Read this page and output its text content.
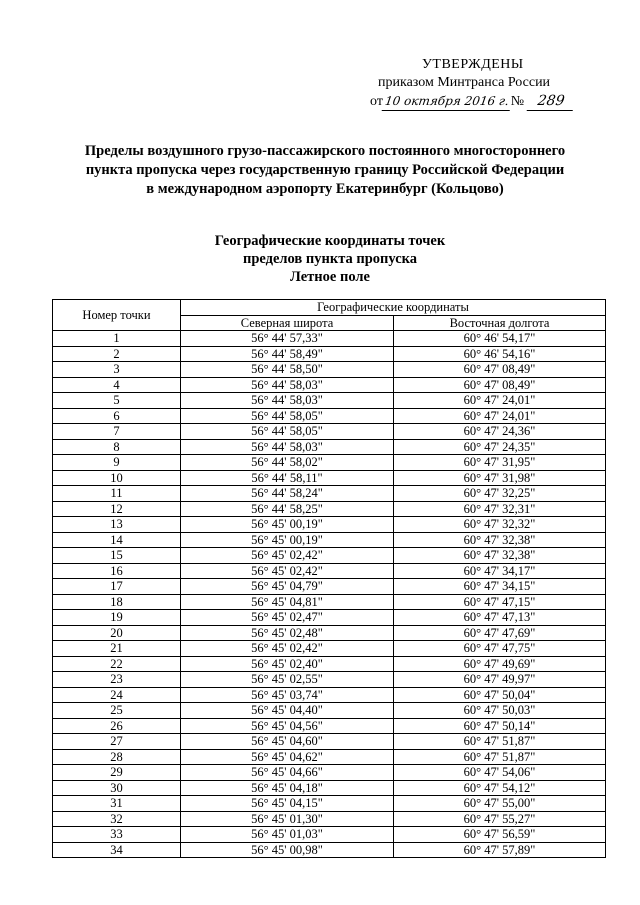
УТВЕРЖДЕНЫ
приказом Минтранса России
от10 октября 2016 г.№ 289
Пределы воздушного грузо-пассажирского постоянного многостороннего
пункта пропуска через государственную границу Российской Федерации
в международном аэропорту Екатеринбург (Кольцово)
Географические координаты точек
пределов пункта пропуска
Летное поле
Номер точки	Географические координаты	
	Северная широта	Восточная долгота
1	56° 44' 57,33"	60° 46' 54,17"
2	56° 44' 58,49"	60° 46' 54,16"
3	56° 44' 58,50"	60° 47' 08,49"
4	56° 44' 58,03"	60° 47' 08,49"
5	56° 44' 58,03"	60° 47' 24,01"
6	56° 44' 58,05"	60° 47' 24,01"
7	56° 44' 58,05"	60° 47' 24,36"
8	56° 44' 58,03"	60° 47' 24,35"
9	56° 44' 58,02"	60° 47' 31,95"
10	56° 44' 58,11"	60° 47' 31,98"
11	56° 44' 58,24"	60° 47' 32,25"
12	56° 44' 58,25"	60° 47' 32,31"
13	56° 45' 00,19"	60° 47' 32,32"
14	56° 45' 00,19"	60° 47' 32,38"
15	56° 45' 02,42"	60° 47' 32,38"
16	56° 45' 02,42"	60° 47' 34,17"
17	56° 45' 04,79"	60° 47' 34,15"
18	56° 45' 04,81"	60° 47' 47,15"
19	56° 45' 02,47"	60° 47' 47,13"
20	56° 45' 02,48"	60° 47' 47,69"
21	56° 45' 02,42"	60° 47' 47,75"
22	56° 45' 02,40"	60° 47' 49,69"
23	56° 45' 02,55"	60° 47' 49,97"
24	56° 45' 03,74"	60° 47' 50,04"
25	56° 45' 04,40"	60° 47' 50,03"
26	56° 45' 04,56"	60° 47' 50,14"
27	56° 45' 04,60"	60° 47' 51,87"
28	56° 45' 04,62"	60° 47' 51,87"
29	56° 45' 04,66"	60° 47' 54,06"
30	56° 45' 04,18"	60° 47' 54,12"
31	56° 45' 04,15"	60° 47' 55,00"
32	56° 45' 01,30"	60° 47' 55,27"
33	56° 45' 01,03"	60° 47' 56,59"
34	56° 45' 00,98"	60° 47' 57,89"
